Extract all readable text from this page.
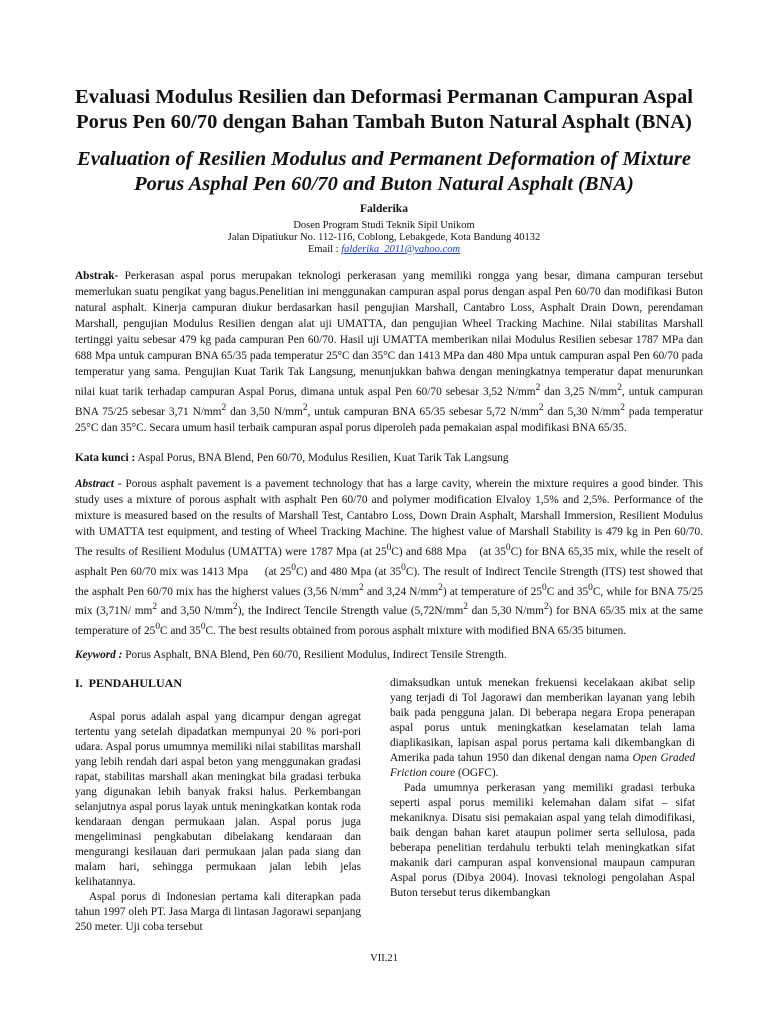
Evaluasi Modulus Resilien dan Deformasi Permanan Campuran Aspal Porus Pen 60/70 dengan Bahan Tambah Buton Natural Asphalt (BNA)
Evaluation of Resilien Modulus and Permanent Deformation of Mixture Porus Asphal Pen 60/70 and Buton Natural Asphalt (BNA)
Falderika
Dosen Program Studi Teknik Sipil Unikom
Jalan Dipatiukur No. 112-116, Coblong, Lebakgede, Kota Bandung 40132
Email : falderika_2011@yahoo.com

Abstrak- Perkerasan aspal porus merupakan teknologi perkerasan yang memiliki rongga yang besar, dimana campuran tersebut memerlukan suatu pengikat yang bagus.Penelitian ini menggunakan campuran aspal porus dengan aspal Pen 60/70 dan modifikasi Buton natural asphalt. Kinerja campuran diukur berdasarkan hasil pengujian Marshall, Cantabro Loss, Asphalt Drain Down, perendaman Marshall, pengujian Modulus Resilien dengan alat uji UMATTA, dan pengujian Wheel Tracking Machine. Nilai stabilitas Marshall tertinggi yaitu sebesar 479 kg pada campuran Pen 60/70. Hasil uji UMATTA memberikan nilai Modulus Resilien sebesar 1787 MPa dan 688 Mpa untuk campuran BNA 65/35 pada temperatur 25°C dan 35°C dan 1413 MPa dan 480 Mpa untuk campuran aspal Pen 60/70 pada temperatur yang sama. Pengujian Kuat Tarik Tak Langsung, menunjukkan bahwa dengan meningkatnya temperatur dapat menurunkan nilai kuat tarik terhadap campuran Aspal Porus, dimana untuk aspal Pen 60/70 sebesar 3,52 $N/mm^2$ dan 3,25 $N/mm^2$, untuk campuran BNA 75/25 sebesar 3,71 $N/mm^2$ dan 3,50 $N/mm^2$, untuk campuran BNA 65/35 sebesar 5,72 $N/mm^2$ dan 5,30 $N/mm^2$ pada temperatur 25°C dan 35°C. Secara umum hasil terbaik campuran aspal porus diperoleh pada pemakaian aspal modifikasi BNA 65/35.

Kata kunci : Aspal Porus, BNA Blend, Pen 60/70, Modulus Resilien, Kuat Tarik Tak Langsung

Abstract - Porous asphalt pavement is a pavement technology that has a large cavity, wherein the mixture requires a good binder. This study uses a mixture of porous asphalt with asphalt Pen 60/70 and polymer modification Elvaloy 1,5% and 2,5%. Performance of the mixture is measured based on the results of Marshall Test, Cantabro Loss, Down Drain Asphalt, Marshall Immersion, Resilient Modulus with UMATTA test equipment, and testing of Wheel Tracking Machine. The highest value of Marshall Stability is 479 kg in Pen 60/70. The results of Resilient Modulus (UMATTA) were 1787 Mpa (at $25^0C$) and 688 Mpa    (at $35^0C$) for BNA 65,35 mix, while the reselt of asphalt Pen 60/70 mix was 1413 Mpa     (at $25^0C$) and 480 Mpa (at $35^0C$). The result of Indirect Tencile Strength (ITS) test showed that the asphalt Pen 60/70 mix has the higherst values (3,56 $N/mm^2$ and 3,24 $N/mm^2$) at temperature of $25^0C$ and $35^0C$, while for BNA 75/25 mix (3,71N/ $mm^2$ and 3,50 $N/mm^2$), the Indirect Tencile Strength value ($5,72N/mm^2$ dan 5,30 $N/mm^2$) for BNA 65/35 mix at the same temperature of $25^0C$ and $35^0C$. The best results obtained from porous asphalt mixture with modified BNA 65/35 bitumen.

Keyword : Porus Asphalt, BNA Blend, Pen 60/70, Resilient Modulus, Indirect Tensile Strength.

I.  PENDAHULUAN

Aspal porus adalah aspal yang dicampur dengan agregat tertentu yang setelah dipadatkan mempunyai 20 % pori-pori udara. Aspal porus umumnya memiliki nilai stabilitas marshall yang lebih rendah dari aspal beton yang menggunakan gradasi rapat, stabilitas marshall akan meningkat bila gradasi terbuka yang digunakan lebih banyak fraksi halus. Perkembangan selanjutnya aspal porus layak untuk meningkatkan kontak roda kendaraan dengan permukaan jalan. Aspal porus juga mengeliminasi pengkabutan dibelakang kendaraan dan mengurangi kesilauan dari permukaan jalan pada siang dan malam hari, sehingga permukaan jalan lebih jelas kelihatannya.

Aspal porus di Indonesian pertama kali diterapkan pada tahun 1997 oleh PT. Jasa Marga di lintasan Jagorawi sepanjang 250 meter. Uji coba tersebut

dimaksudkan untuk menekan frekuensi kecelakaan akibat selip yang terjadi di Tol Jagorawi dan memberikan layanan yang lebih baik pada pengguna jalan. Di beberapa negara Eropa penerapan aspal porus untuk meningkatkan keselamatan telah lama diaplikasikan, lapisan aspal porus pertama kali dikembangkan di Amerika pada tahun 1950 dan dikenal dengan nama Open Graded Friction coure (OGFC).

Pada umumnya perkerasan yang memiliki gradasi terbuka seperti aspal porus memiliki kelemahan dalam sifat – sifat mekaniknya. Disatu sisi pemakaian aspal yang telah dimodifikasi, baik dengan bahan karet ataupun polimer serta sellulosa, pada beberapa penelitian terdahulu terbukti telah meningkatkan sifat makanik dari campuran aspal konvensional maupaun campuran Aspal porus (Dibya 2004). Inovasi teknologi pengolahan Aspal Buton tersebut terus dikembangkan

VII.21
